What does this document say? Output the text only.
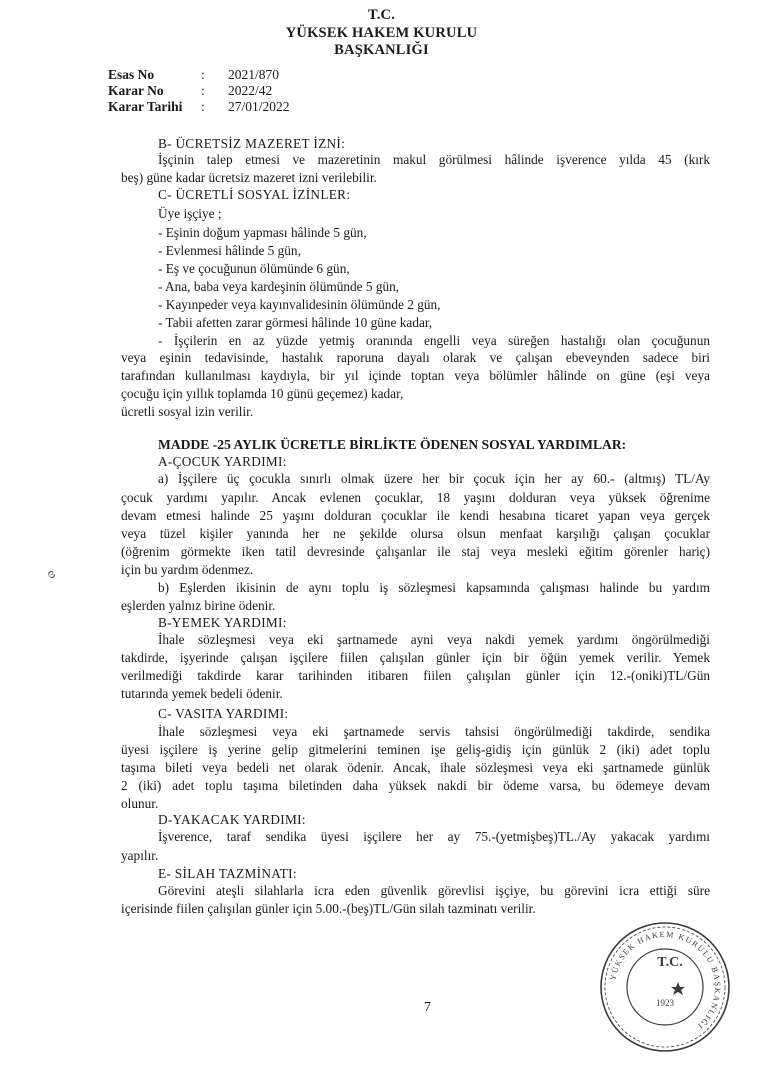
T.C.
YÜKSEK HAKEM KURULU
BAŞKANLIĞI
Esas No	: 2021/870
Karar No	: 2022/42
Karar Tarihi : 27/01/2022
B- ÜCRETSİZ MAZERET İZNİ:
İşçinin talep etmesi ve mazeretinin makul görülmesi hâlinde işverence yılda 45 (kırk
beş) güne kadar ücretsiz mazeret izni verilebilir.
C- ÜCRETLİ SOSYAL İZİNLER:
Üye işçiye ;
- Eşinin doğum yapması hâlinde 5 gün,
- Evlenmesi hâlinde 5 gün,
- Eş ve çocuğunun ölümünde 6 gün,
- Ana, baba veya kardeşinin ölümünde 5 gün,
- Kayınpeder veya kayınvalidesinin ölümünde 2 gün,
- Tabii afetten zarar görmesi hâlinde 10 güne kadar,
- İşçilerin en az yüzde yetmiş oranında engelli veya süreğen hastalığı olan çocuğunun
veya eşinin tedavisinde, hastalık raporuna dayalı olarak ve çalışan ebeveynden sadece biri
tarafından kullanılması kaydıyla, bir yıl içinde toptan veya bölümler hâlinde on güne (eşi veya
çocuğu için yıllık toplamda 10 günü geçemez) kadar,
ücretli sosyal izin verilir.
MADDE -25 AYLIK ÜCRETLE BİRLİKTE ÖDENEN SOSYAL YARDIMLAR:
A-ÇOCUK YARDIMI:
a) İşçilere üç çocukla sınırlı olmak üzere her bir çocuk için her ay 60.- (altmış) TL/Ay
çocuk yardımı yapılır. Ancak evlenen çocuklar, 18 yaşını dolduran veya yüksek öğrenime
devam etmesi halinde 25 yaşını dolduran çocuklar ile kendi hesabına ticaret yapan veya gerçek
veya tüzel kişiler yanında her ne şekilde olursa olsun menfaat karşılığı çalışan çocuklar
(öğrenim görmekte iken tatil devresinde çalışanlar ile staj veya mesleki eğitim görenler hariç)
için bu yardım ödenmez.
b) Eşlerden ikisinin de aynı toplu iş sözleşmesi kapsamında çalışması halinde bu yardım
eşlerden yalnız birine ödenir.
B-YEMEK YARDIMI:
İhale sözleşmesi veya eki şartnamede ayni veya nakdi yemek yardımı öngörülmediği
takdirde, işyerinde çalışan işçilere fiilen çalışılan günler için bir öğün yemek verilir. Yemek
verilmediği takdirde karar tarihinden itibaren fiilen çalışılan günler için 12.-(oniki)TL/Gün
tutarında yemek bedeli ödenir.
C- VASITA YARDIMI:
İhale sözleşmesi veya eki şartnamede servis tahsisi öngörülmediği takdirde, sendika
üyesi işçilere iş yerine gelip gitmelerini teminen işe geliş-gidiş için günlük 2 (iki) adet toplu
taşıma bileti veya bedeli net olarak ödenir. Ancak, ihale sözleşmesi veya eki şartnamede günlük
2 (iki) adet toplu taşıma biletinden daha yüksek nakdi bir ödeme varsa, bu ödemeye devam
olunur.
D-YAKACAK YARDIMI:
İşverence, taraf sendika üyesi işçilere her ay 75.-(yetmişbeş)TL./Ay yakacak yardımı
yapılır.
E- SİLAH TAZMİNATI:
Görevini ateşli silahlarla icra eden güvenlik görevlisi işçiye, bu görevini icra ettiği süre
içerisinde fiilen çalışılan günler için 5.00.-(beş)TL/Gün silah tazminatı verilir.
7
ɞ
YÜKSEK HAKEM KURULU BAŞKANLIĞI
1923
T.C.
